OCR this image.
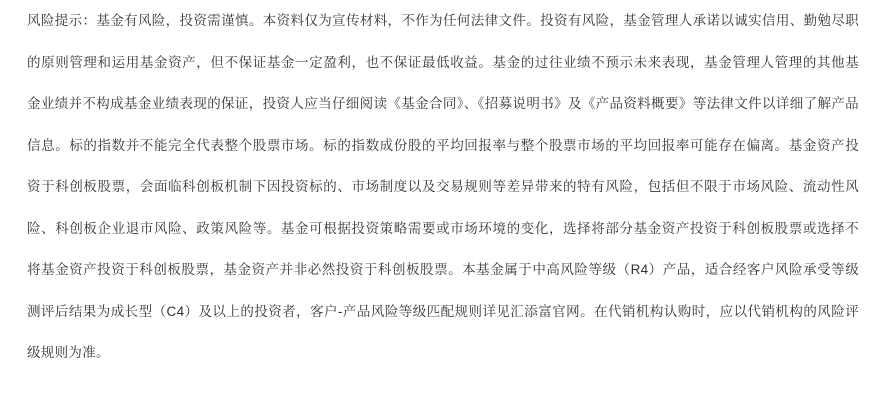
风险提示：基金有风险，投资需谨慎。本资料仅为宣传材料，不作为任何法律文件。投资有风险，基金管理人承诺以诚实信用、勤勉尽职

的原则管理和运用基金资产，但不保证基金一定盈利，也不保证最低收益。基金的过往业绩不预示未来表现，基金管理人管理的其他基

金业绩并不构成基金业绩表现的保证，投资人应当仔细阅读《基金合同》、《招募说明书》及《产品资料概要》等法律文件以详细了解产品

信息。标的指数并不能完全代表整个股票市场。标的指数成份股的平均回报率与整个股票市场的平均回报率可能存在偏离。基金资产投

资于科创板股票，会面临科创板机制下因投资标的、市场制度以及交易规则等差异带来的特有风险，包括但不限于市场风险、流动性风

险、科创板企业退市风险、政策风险等。基金可根据投资策略需要或市场环境的变化，选择将部分基金资产投资于科创板股票或选择不

将基金资产投资于科创板股票，基金资产并非必然投资于科创板股票。本基金属于中高风险等级（R4）产品，适合经客户风险承受等级

测评后结果为成长型（C4）及以上的投资者，客户-产品风险等级匹配规则详见汇添富官网。在代销机构认购时，应以代销机构的风险评

级规则为准。
